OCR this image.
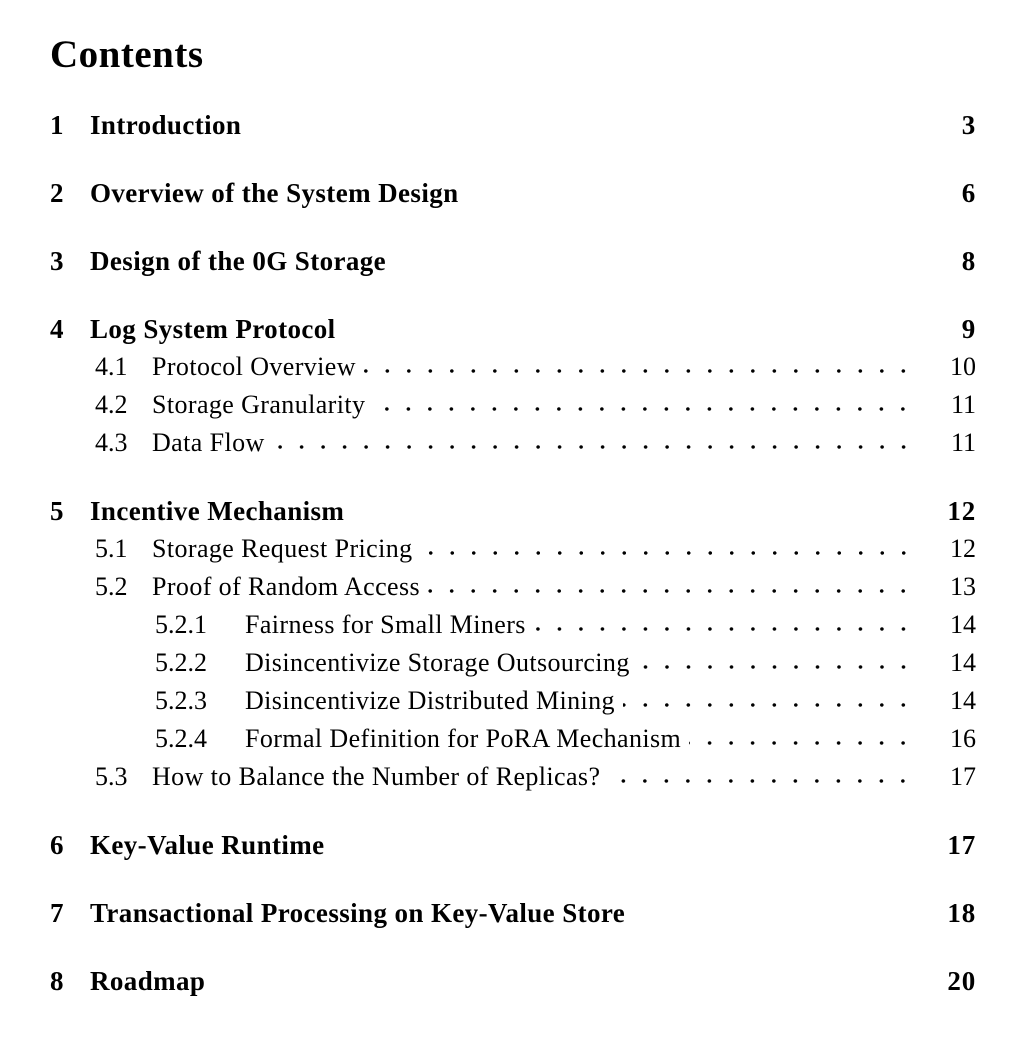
Contents
1 Introduction	3
2 Overview of the System Design	6
3 Design of the 0G Storage	8
4 Log System Protocol	9
4.1 Protocol Overview	10
4.2 Storage Granularity	11
4.3 Data Flow	11
5 Incentive Mechanism	12
5.1 Storage Request Pricing	12
5.2 Proof of Random Access	13
5.2.1	Fairness for Small Miners	14
5.2.2	Disincentivize Storage Outsourcing	14
5.2.3	Disincentivize Distributed Mining	14
5.2.4	Formal Definition for PoRA Mechanism	16
5.3 How to Balance the Number of Replicas?	17
6 Key-Value Runtime	17
7 Transactional Processing on Key-Value Store	18
8 Roadmap	20
